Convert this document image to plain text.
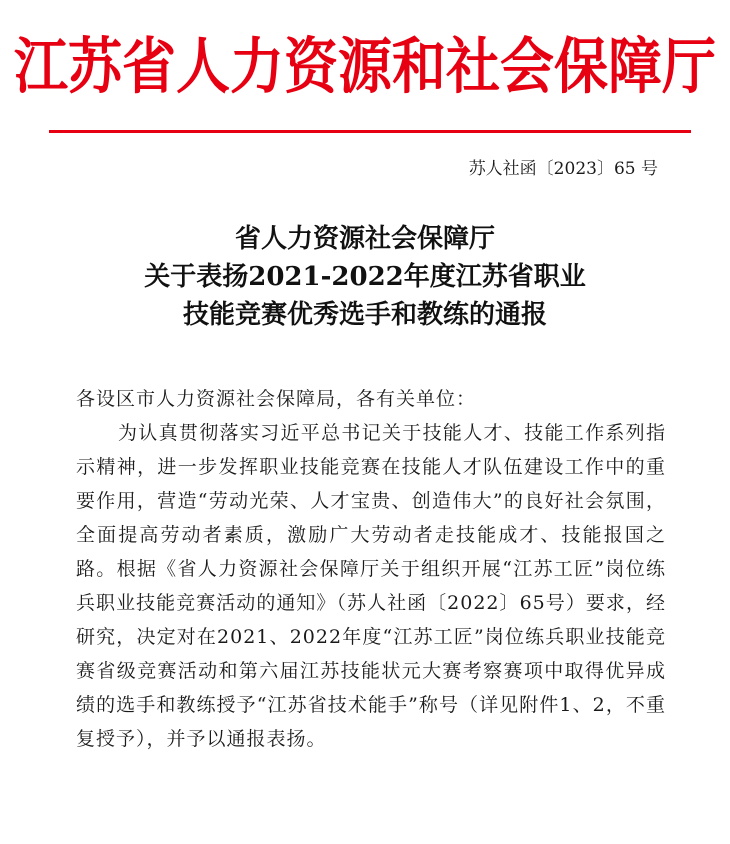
江苏省人力资源和社会保障厅
苏人社函〔2023〕65 号
省人力资源社会保障厅
关于表扬2021-2022年度江苏省职业
技能竞赛优秀选手和教练的通报
各设区市人力资源社会保障局，各有关单位：
为认真贯彻落实习近平总书记关于技能人才、技能工作系列指示精神，进一步发挥职业技能竞赛在技能人才队伍建设工作中的重要作用，营造“劳动光荣、人才宝贵、创造伟大”的良好社会氛围，全面提高劳动者素质，激励广大劳动者走技能成才、技能报国之路。根据《省人力资源社会保障厅关于组织开展“江苏工匠”岗位练兵职业技能竞赛活动的通知》（苏人社函〔2022〕65号）要求，经研究，决定对在2021、2022年度“江苏工匠”岗位练兵职业技能竞赛省级竞赛活动和第六届江苏技能状元大赛考察赛项中取得优异成绩的选手和教练授予“江苏省技术能手”称号（详见附件1、2，不重复授予），并予以通报表扬。
